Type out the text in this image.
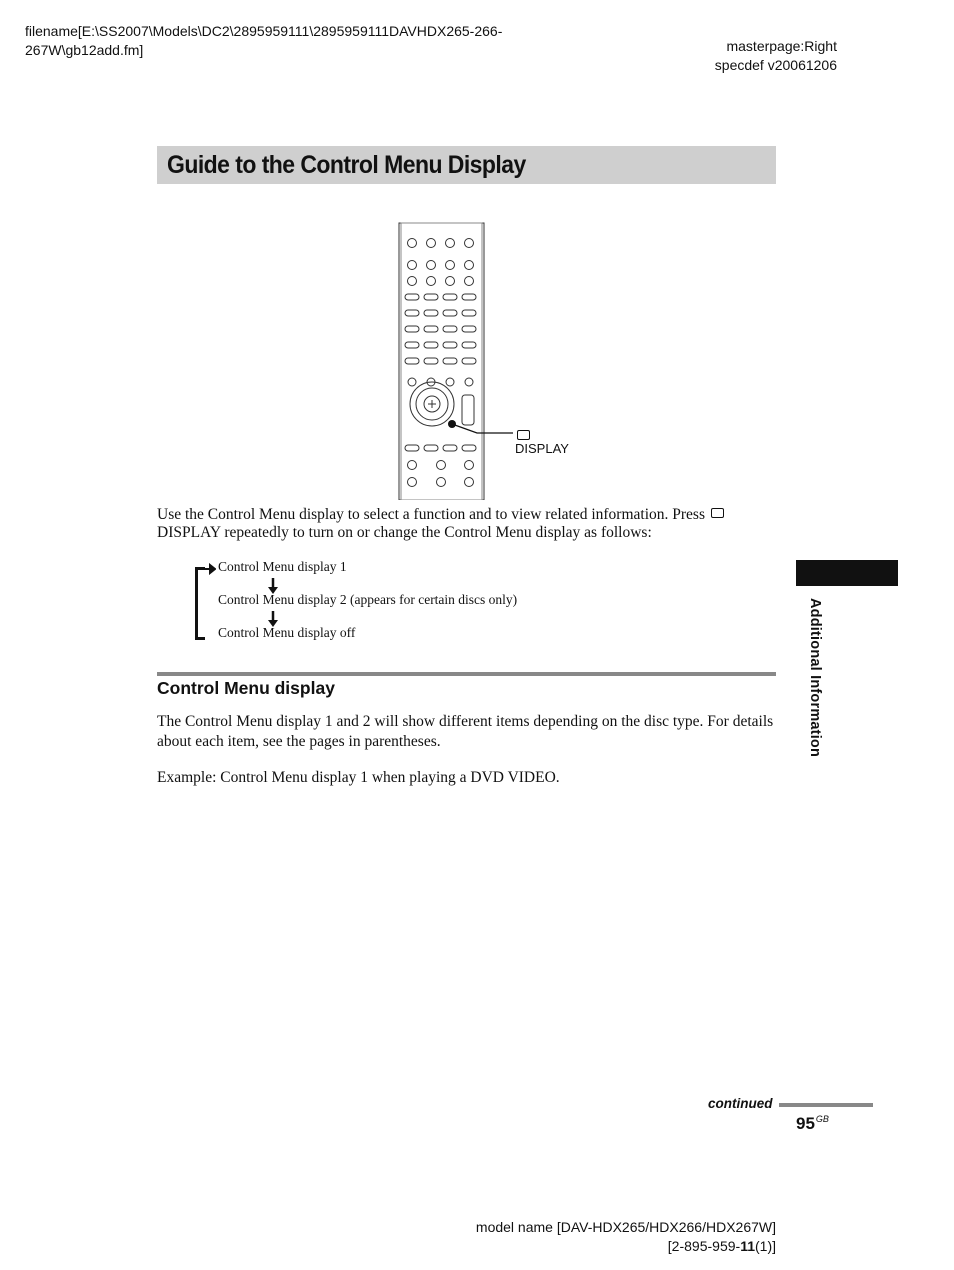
filename[E:\SS2007\Models\DC2\2895959111\2895959111DAVHDX265-266-
267W\gb12add.fm]	masterpage:Right
specdef v20061206
Guide to the Control Menu Display
DISPLAY
Use the Control Menu display to select a function and to view related information. Press DISPLAY repeatedly to turn on or change the Control Menu display as follows:
Control Menu display 1
Control Menu display 2 (appears for certain discs only)
Control Menu display off
Control Menu display
The Control Menu display 1 and 2 will show different items depending on the disc type. For details about each item, see the pages in parentheses.
Example: Control Menu display 1 when playing a DVD VIDEO.
Additional Information
continued
$95^{GB}$
model name [DAV-HDX265/HDX266/HDX267W]
[2-895-959-11(1)]
